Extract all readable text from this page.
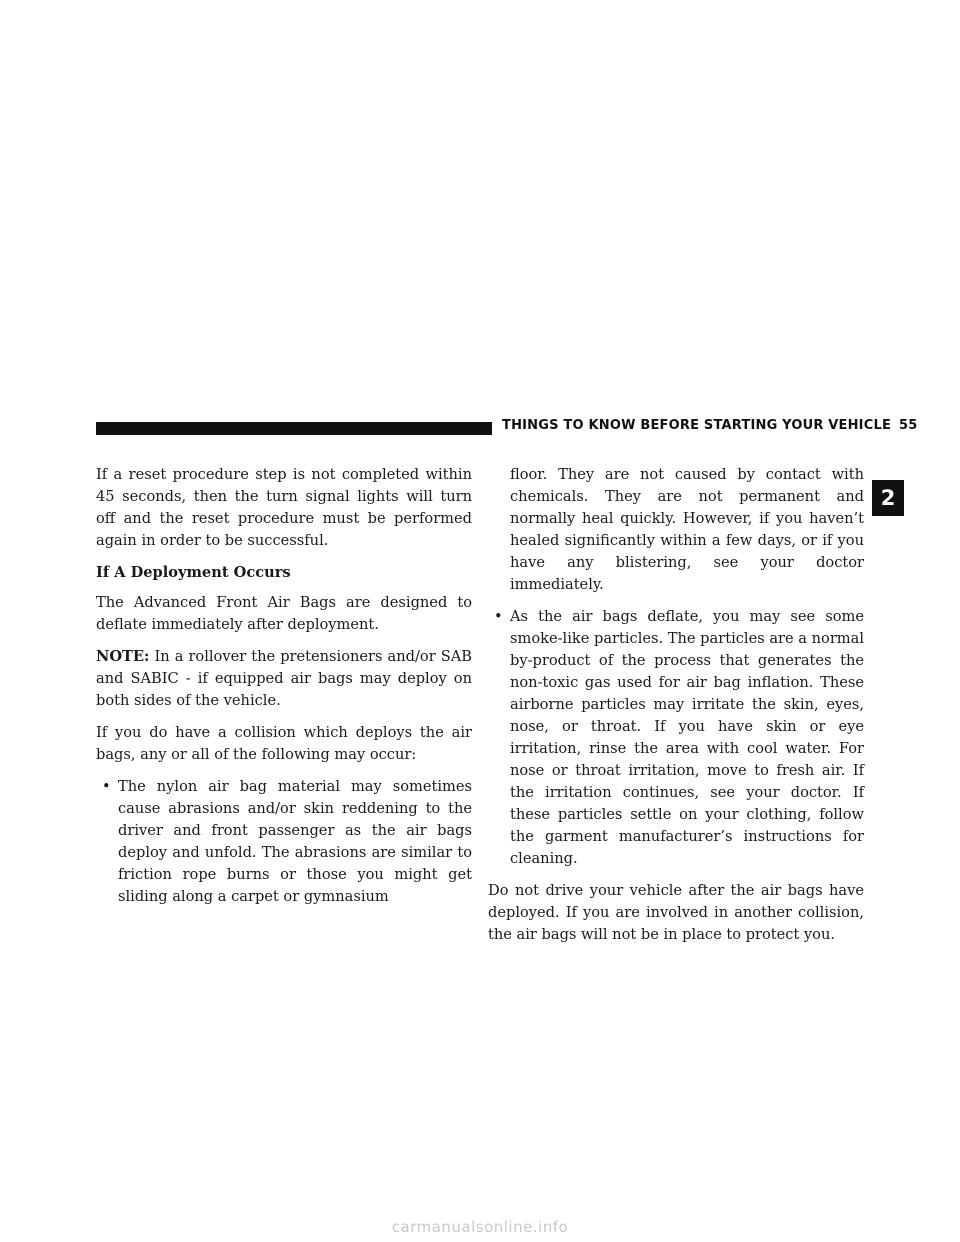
THINGS TO KNOW BEFORE STARTING YOUR VEHICLE 55
2

If a reset procedure step is not completed within 45 seconds, then the turn signal lights will turn off and the reset procedure must be performed again in order to be successful.

If A Deployment Occurs

The Advanced Front Air Bags are designed to deflate immediately after deployment.

NOTE: In a rollover the pretensioners and/or SAB and SABIC - if equipped air bags may deploy on both sides of the vehicle.

If you do have a collision which deploys the air bags, any or all of the following may occur:

• The nylon air bag material may sometimes cause abrasions and/or skin reddening to the driver and front passenger as the air bags deploy and unfold. The abrasions are similar to friction rope burns or those you might get sliding along a carpet or gymnasium

floor. They are not caused by contact with chemicals. They are not permanent and normally heal quickly. However, if you haven’t healed significantly within a few days, or if you have any blistering, see your doctor immediately.

• As the air bags deflate, you may see some smoke-like particles. The particles are a normal by-product of the process that generates the non-toxic gas used for air bag inflation. These airborne particles may irritate the skin, eyes, nose, or throat. If you have skin or eye irritation, rinse the area with cool water. For nose or throat irritation, move to fresh air. If the irritation continues, see your doctor. If these particles settle on your clothing, follow the garment manufacturer’s instructions for cleaning.

Do not drive your vehicle after the air bags have deployed. If you are involved in another collision, the air bags will not be in place to protect you.

carmanualsonline.info
